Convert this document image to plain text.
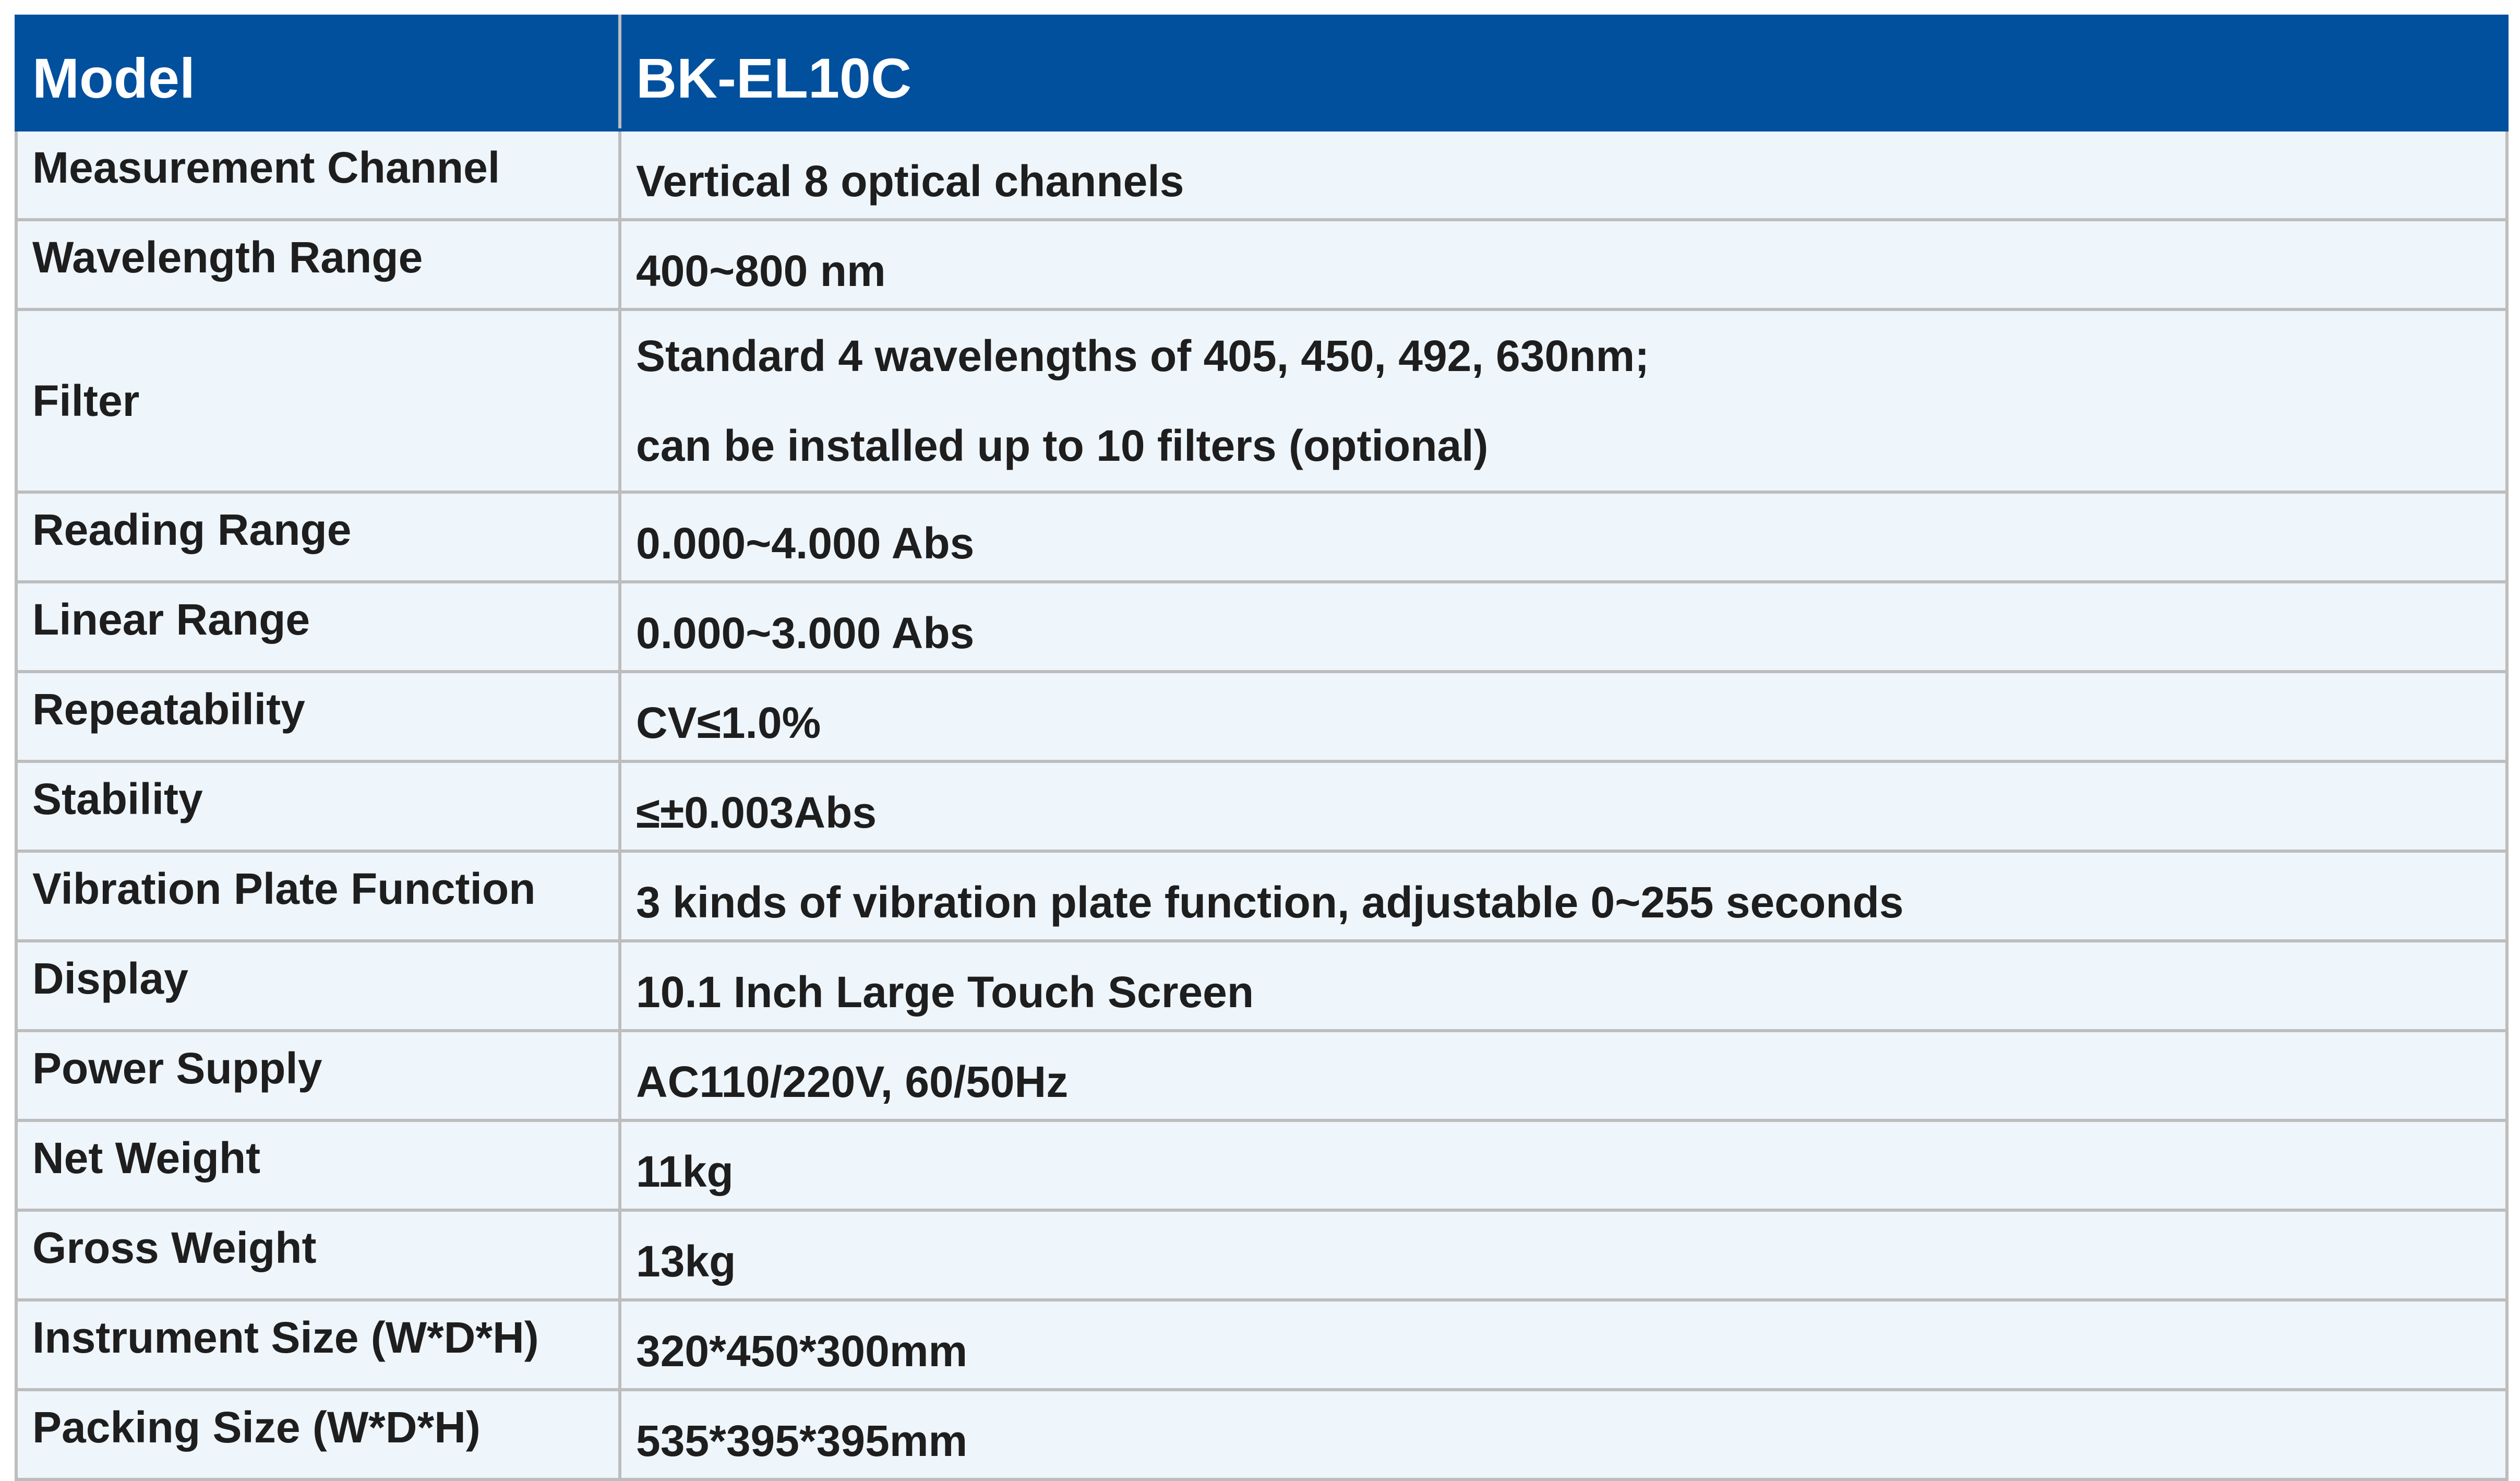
Model	BK-EL10C
Measurement Channel	Vertical 8 optical channels
Wavelength Range	400~800 nm
Filter	Standard 4 wavelengths of 405, 450, 492, 630nm;
can be installed up to 10 filters (optional)

Reading Range	0.000~4.000 Abs
Linear Range	0.000~3.000 Abs
Repeatability	CV≤1.0%
Stability	≤±0.003Abs
Vibration Plate Function	3 kinds of vibration plate function, adjustable 0~255 seconds
Display	10.1 Inch Large Touch Screen
Power Supply	AC110/220V, 60/50Hz
Net Weight	11kg
Gross Weight	13kg
Instrument Size (W*D*H)	320*450*300mm
Packing Size (W*D*H)	535*395*395mm
